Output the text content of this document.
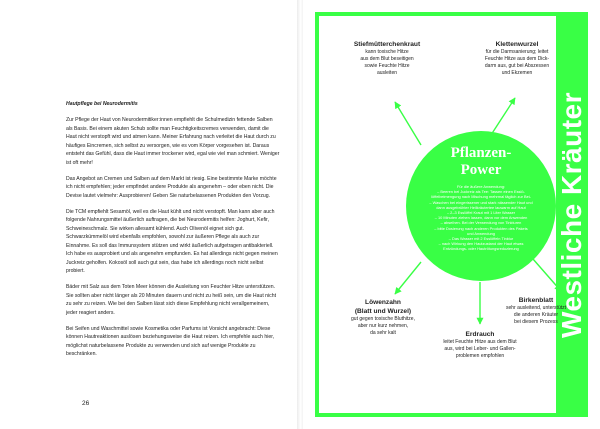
Hautpflege bei Neurodermitis

Zur Pflege der Haut von Neurodermitiker:innen empfiehlt die Schulmedizin fettende Salben als Basis. Bei einem akuten Schub sollte man Feuchtigkeitscremes verwenden, damit die Haut nicht verstopft wird und atmen kann. Meiner Erfahrung nach verleitet die Haut durch zu häufiges Eincremen, sich selbst zu versorgen, wie es vom Körper vorgesehen ist. Daraus entsteht das Gefühl, dass die Haut immer trockener wird, egal wie viel man schmiert. Weniger ist oft mehr!

Das Angebot an Cremen und Salben auf dem Markt ist riesig. Eine bestimmte Marke möchte ich nicht empfehlen; jeder empfindet andere Produkte als angenehm – oder eben nicht. Die Devise lautet vielmehr: Ausprobieren! Geben Sie naturbelassenen Produkten den Vorzug.

Die TCM empfiehlt Sesamöl, weil es die Haut kühlt und nicht verstopft. Man kann aber auch folgende Nahrungsmittel äußerlich auftragen, die bei Neurodermitis helfen: Joghurt, Kefir, Schweineschmalz. Sie wirken allesamt kühlend. Auch Olivenöl eignet sich gut. Schwarzkümmelöl wird ebenfalls empfohlen, sowohl zur äußeren Pflege als auch zur Einnahme. Es soll das Immunsystem stützen und wirkt äußerlich aufgetragen antibakteriell. Ich habe es ausprobiert und als angenehm empfunden. Es hat allerdings nicht gegen meinen Juckreiz geholfen. Kokosöl soll auch gut sein, das habe ich allerdings noch nicht selbst probiert.

Bäder mit Salz aus dem Toten Meer können die Ausleitung von Feuchter Hitze unterstützen. Sie sollten aber nicht länger als 20 Minuten dauern und nicht zu heiß sein, um die Haut nicht zu sehr zu reizen. Wie bei den Salben lässt sich diese Empfehlung nicht verallgemeinern, jeder reagiert anders.

Bei Seifen und Waschmittel sowie Kosmetika oder Parfums ist Vorsicht angebracht: Diese können Hautreaktionen auslösen beziehungsweise die Haut reizen. Ich empfehle auch hier, möglichst naturbelassene Produkte zu verwenden und sich auf wenige Produkte zu beschränken.

26
Westliche Kräuter
Pflanzen-
Power
Für die äußere Anwendung:
– Beeren bei Juckreiz als Tee: Tassen einen Esslö-
löffelbeimengung nach Mischung mehrmal täglich zur Bei-
– Waschen bei eingerissener und stark nässender Haut und
dann ausgebrühter Heilkräutertee lauwarm auf Haut
– 2–3 Esslöffel Kraut mit 1 Liter Wasser
– 10 Minuten ziehen lassen, dann vor dem Anwenden
– abseihen. Bei der Verwendung von Tinkturen
– bitte Dosierung nach anderen Produkten des Pakets
und Anwendung
– Das Wasser mit 2 Esslöffeln Tinktur
– nach Wirkung den Hautzustand der Haut etwas
Entzündungs- oder Hautrötungsreduzierung
Stiefmütterchenkraut
kann toxische Hitze
aus dem Blut beseitigen
sowie Feuchte Hitze
ausleiten
Klettenwurzel
für die Darmsanierung; leitet
Feuchte Hitze aus dem Dick-
darm aus, gut bei Abszessen
und Ekzemen
Löwenzahn
(Blatt und Wurzel)
gut gegen toxische Bluthitze,
aber nur kurz nehmen,
da sehr kalt
Birkenblatt
sehr ausleitend, unterstützt
die anderen Kräuter
bei diesem Prozess
Erdrauch
leitet Feuchte Hitze aus dem Blut
aus, wird bei Leber- und Gallen-
problemen empfohlen
